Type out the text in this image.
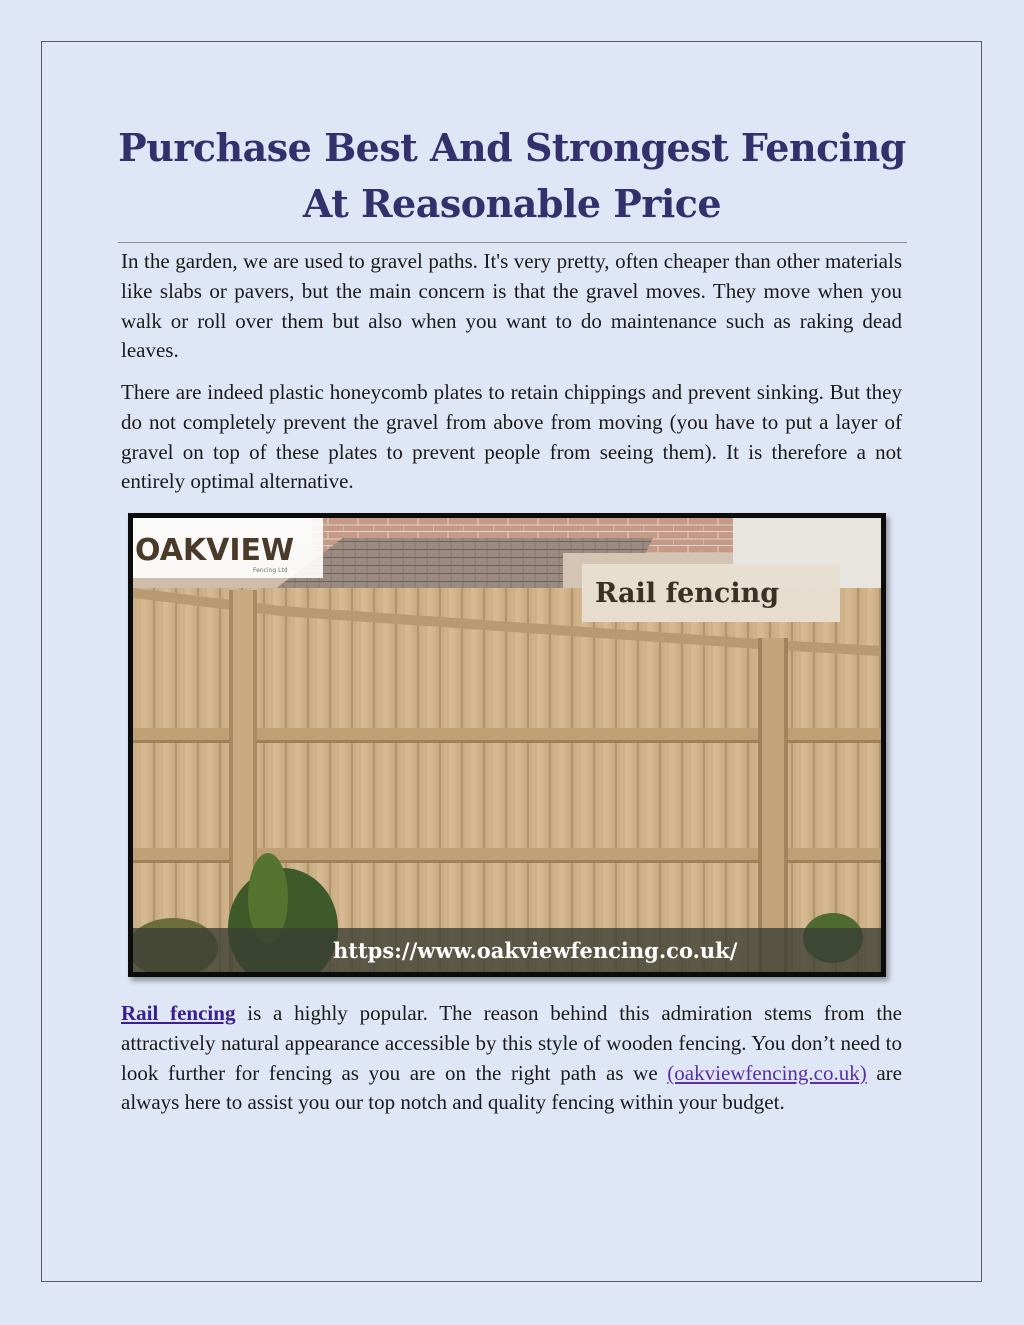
Purchase Best And Strongest Fencing At Reasonable Price

In the garden, we are used to gravel paths. It's very pretty, often cheaper than other materials like slabs or pavers, but the main concern is that the gravel moves. They move when you walk or roll over them but also when you want to do maintenance such as raking dead leaves.

There are indeed plastic honeycomb plates to retain chippings and prevent sinking. But they do not completely prevent the gravel from above from moving (you have to put a layer of gravel on top of these plates to prevent people from seeing them). It is therefore a not entirely optimal alternative.

https://www.oakviewfencing.co.uk/
OAKVIEW
Fencing Ltd
Rail fencing

Rail fencing is a highly popular. The reason behind this admiration stems from the attractively natural appearance accessible by this style of wooden fencing. You don’t need to look further for fencing as you are on the right path as we (oakviewfencing.co.uk) are always here to assist you our top notch and quality fencing within your budget.
